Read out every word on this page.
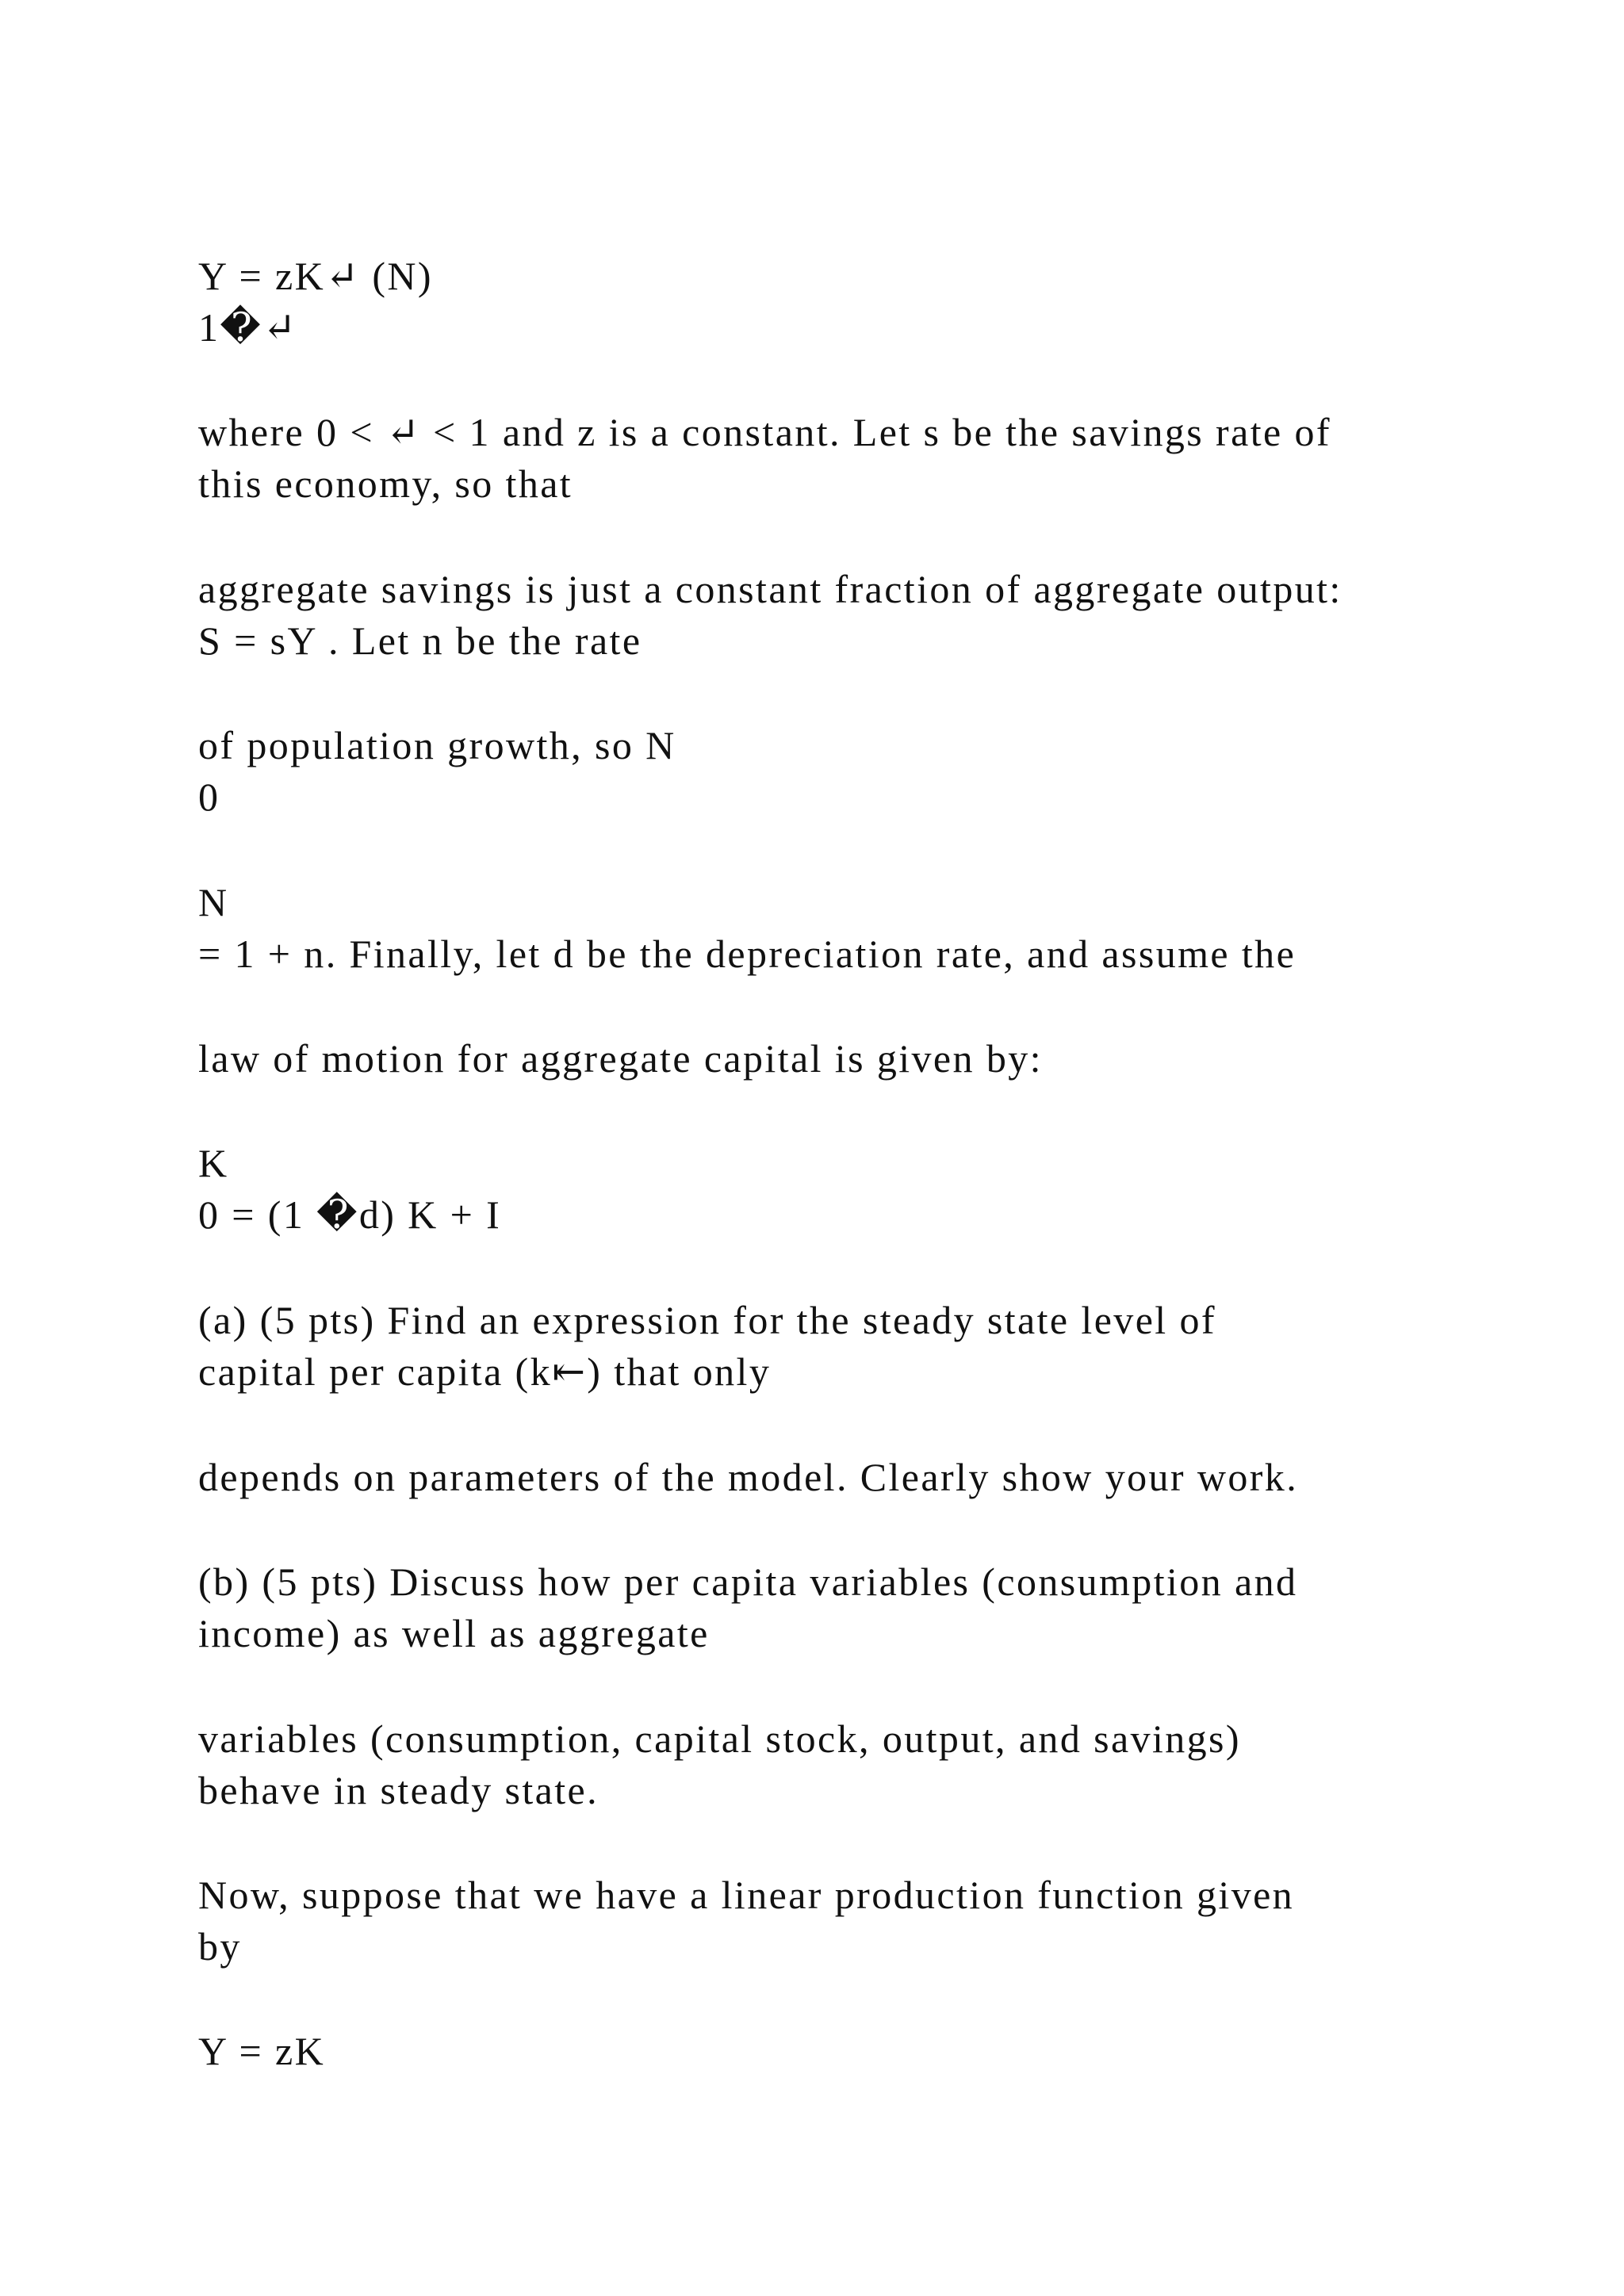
Y = zK↵ (N)

1�↵

where 0 < ↵ < 1 and z is a constant. Let s be the savings rate of

this economy, so that

aggregate savings is just a constant fraction of aggregate output:

S = sY . Let n be the rate

of population growth, so N

0

N

= 1 + n. Finally, let d be the depreciation rate, and assume the

law of motion for aggregate capital is given by:

K

0 = (1 �d) K + I

(a) (5 pts) Find an expression for the steady state level of

capital per capita (k⇤) that only

depends on parameters of the model. Clearly show your work.

(b) (5 pts) Discuss how per capita variables (consumption and

income) as well as aggregate

variables (consumption, capital stock, output, and savings)

behave in steady state.

Now, suppose that we have a linear production function given

by

Y = zK
